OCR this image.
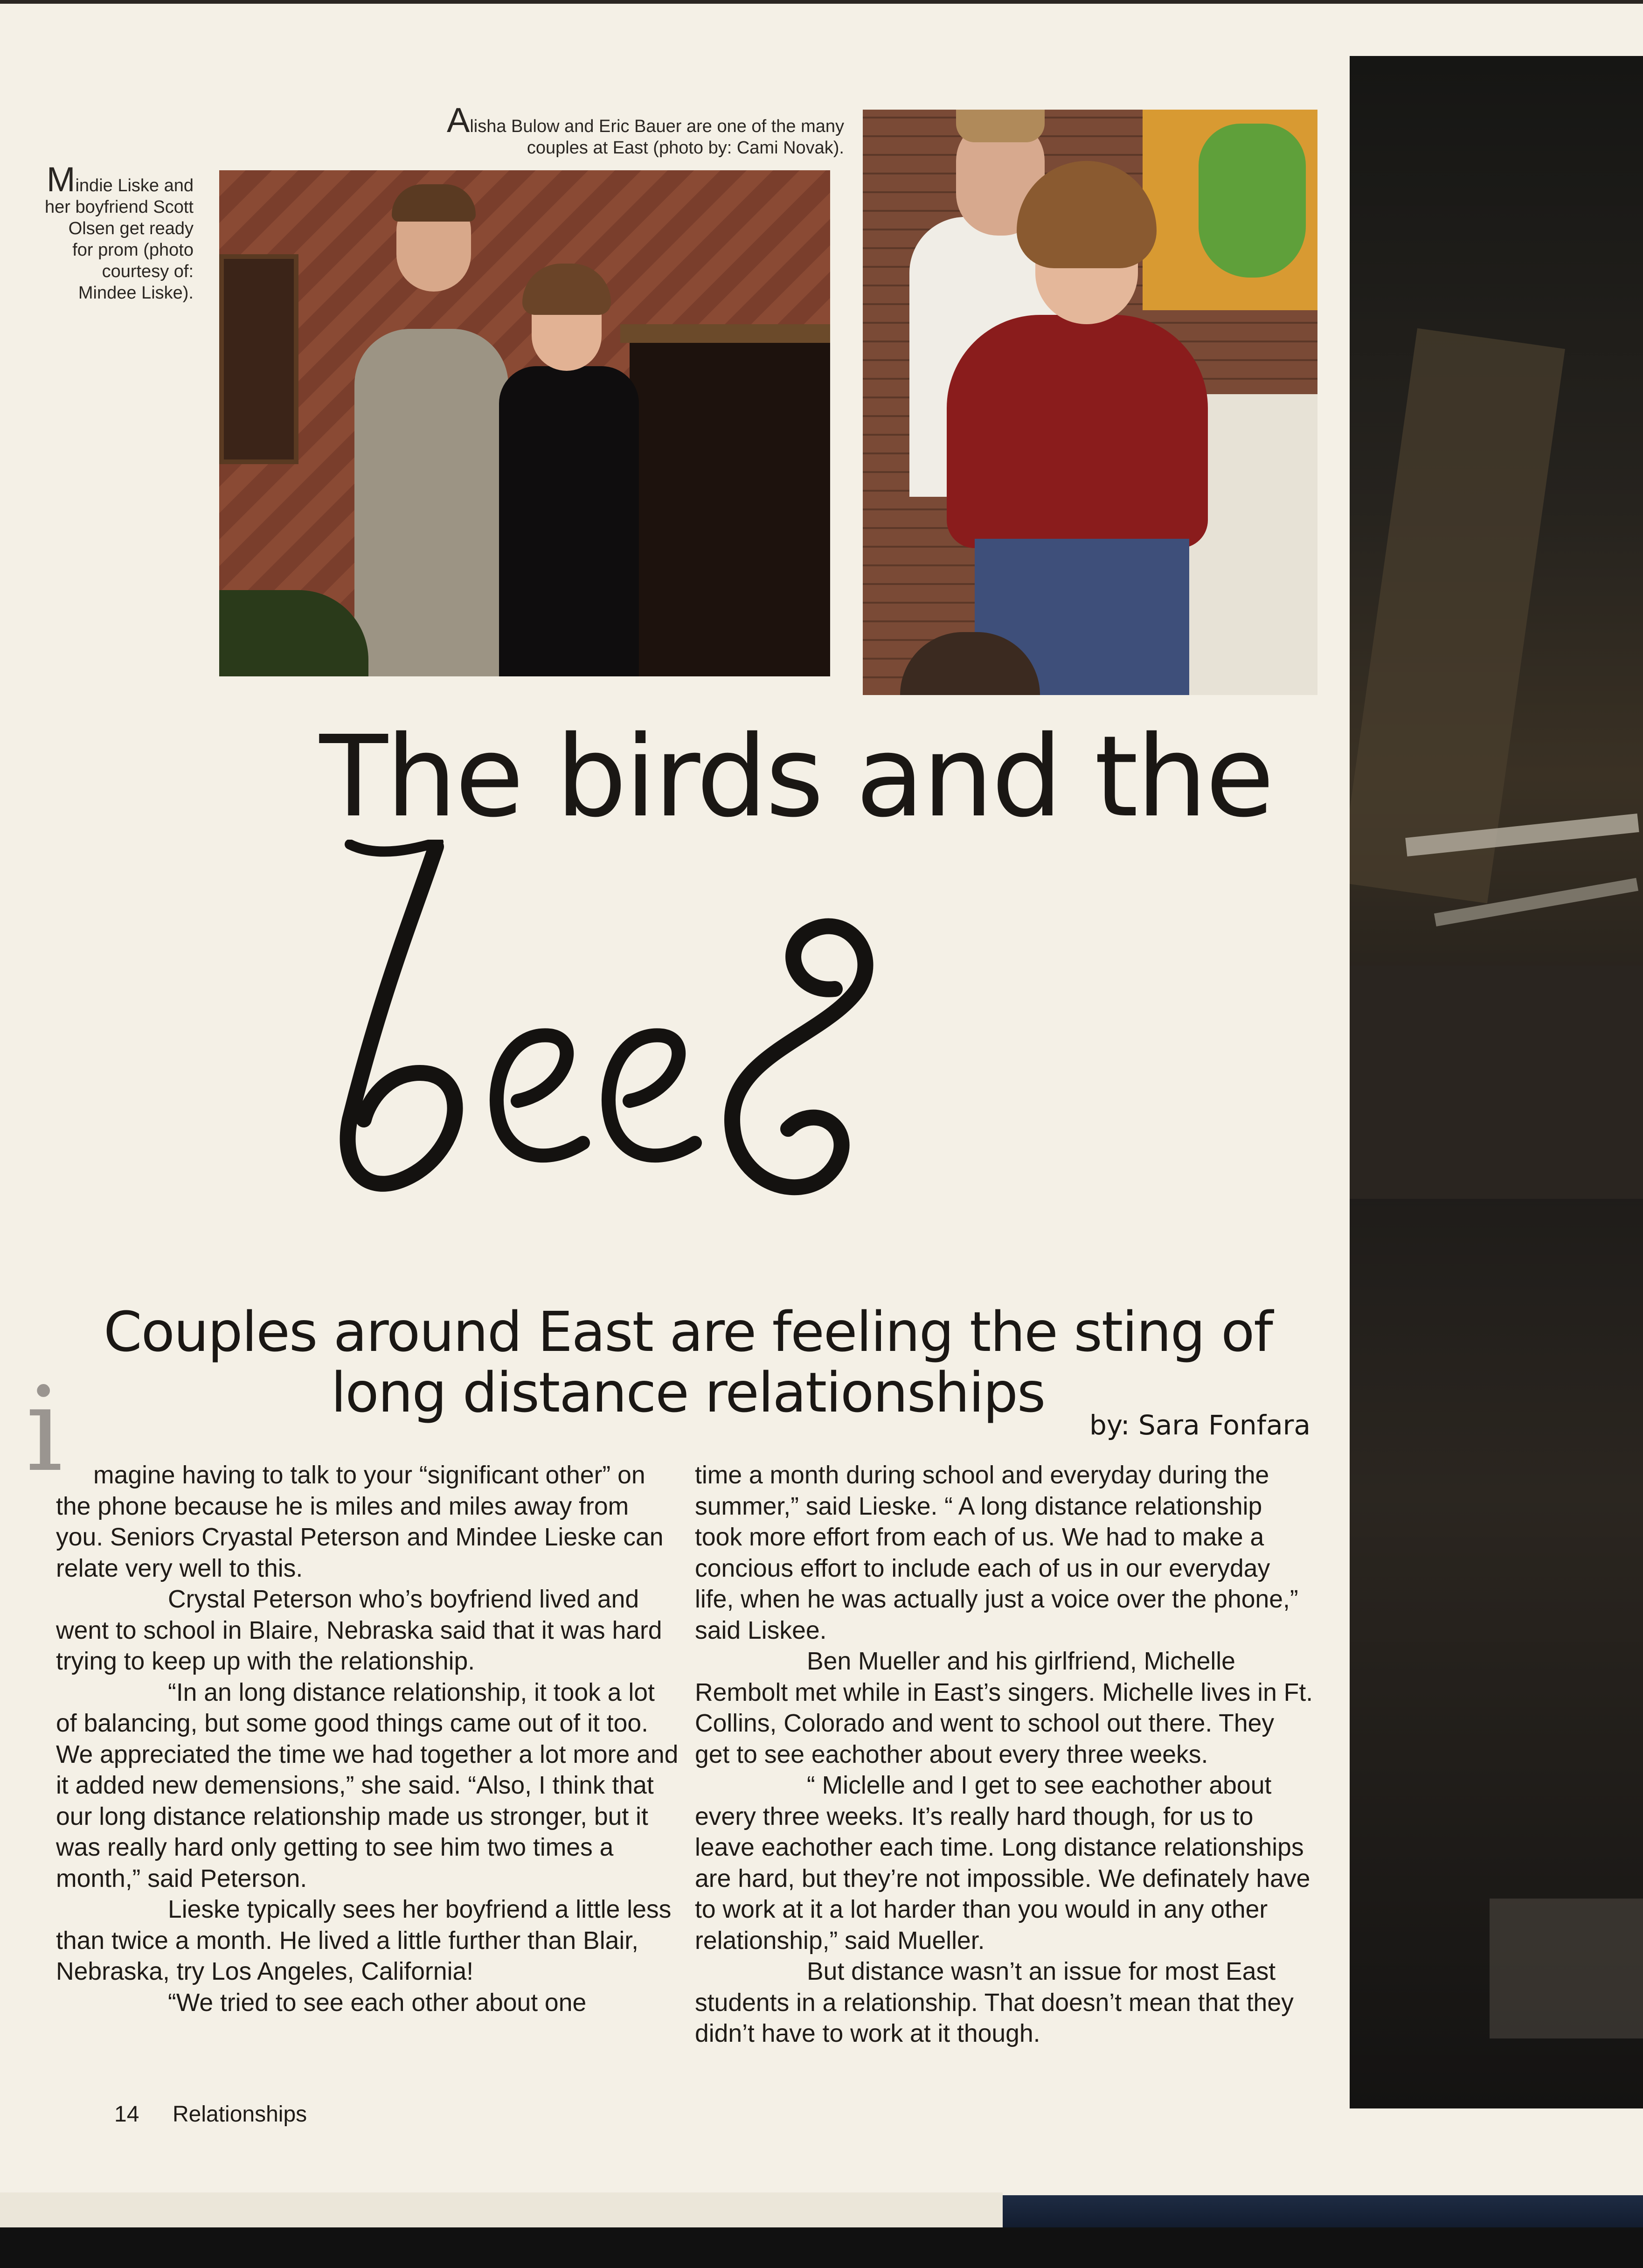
Mindie Liske and her boyfriend Scott Olsen get ready for prom (photo courtesy of: Mindee Liske).
Alisha Bulow and Eric Bauer are one of the many couples at East (photo by: Cami Novak).
The birds and the
Couples around East are feeling the sting of long distance relationships
by: Sara Fonfara
i	magine having to talk to your “significant other” on the phone because he is miles and miles away from you. Seniors Cryastal Peterson and Mindee Lieske can relate very well to this.

Crystal Peterson who’s boyfriend lived and went to school in Blaire, Nebraska said that it was hard trying to keep up with the relationship.

“In an long distance relationship, it took a lot of balancing, but some good things came out of it too. We appreciated the time we had together a lot more and it added new demensions,” she said. “Also, I think that our long distance relationship made us stronger, but it was really hard only getting to see him two times a month,” said Peterson.

Lieske typically sees her boyfriend a little less than twice a month. He lived a little further than Blair, Nebraska, try Los Angeles, California!

“We tried to see each other about one

time a month during school and everyday during the summer,” said Lieske. “ A long distance relationship took more effort from each of us. We had to make a concious effort to include each of us in our everyday life, when he was actually just a voice over the phone,” said Liskee.

Ben Mueller and his girlfriend, Michelle Rembolt met while in East’s singers. Michelle lives in Ft. Collins, Colorado and went to school out there. They get to see eachother about every three weeks.

“ Miclelle and I get to see eachother about every three weeks. It’s really hard though, for us to leave eachother each time. Long distance relationships are hard, but they’re not impossible. We definately have to work at it a lot harder than you would in any other relationship,” said Mueller.

But distance wasn’t an issue for most East students in a relationship. That doesn’t mean that they didn’t have to work at it though.

14 Relationships
